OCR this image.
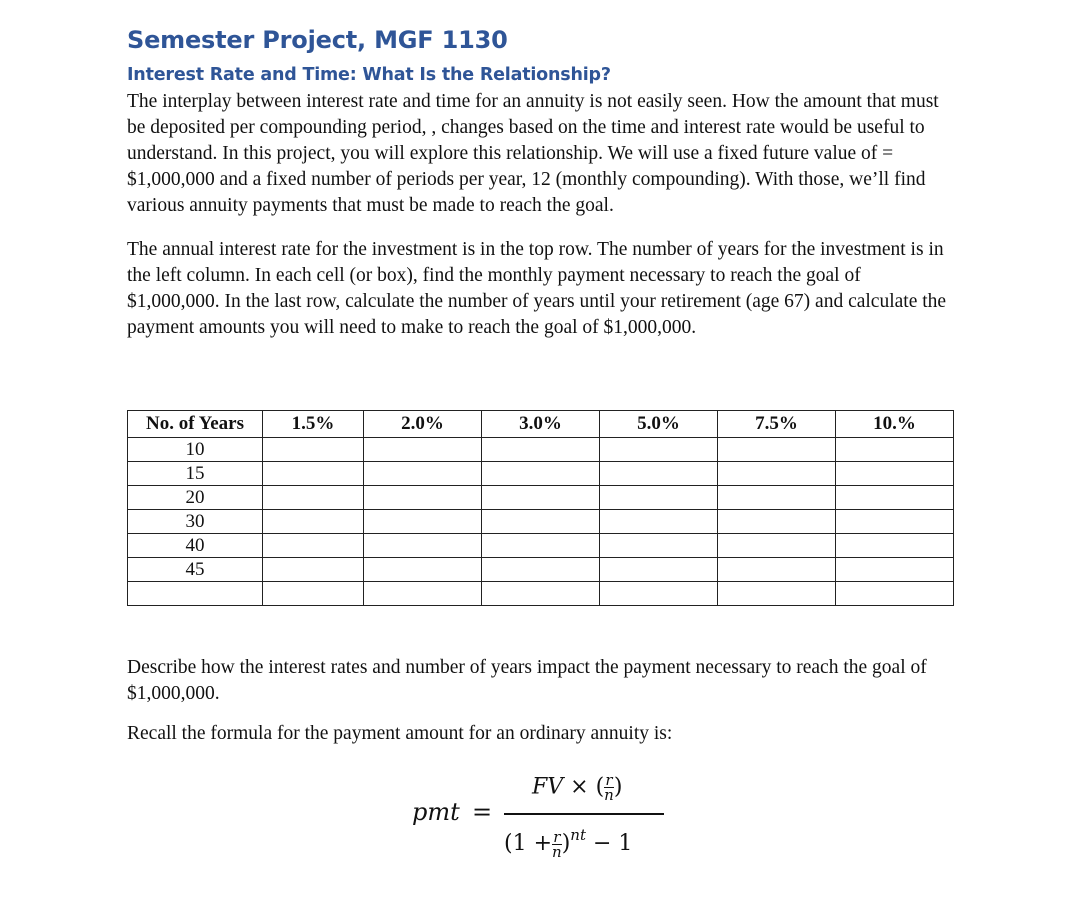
Semester Project, MGF 1130
Interest Rate and Time: What Is the Relationship?

The interplay between interest rate and time for an annuity is not easily seen. How the amount that must be deposited per compounding period, , changes based on the time and interest rate would be useful to understand. In this project, you will explore this relationship. We will use a fixed future value of = $1,000,000 and a fixed number of periods per year, 12 (monthly compounding). With those, we’ll find various annuity payments that must be made to reach the goal.

The annual interest rate for the investment is in the top row. The number of years for the investment is in the left column. In each cell (or box), find the monthly payment necessary to reach the goal of $1,000,000. In the last row, calculate the number of years until your retirement (age 67) and calculate the payment amounts you will need to make to reach the goal of $1,000,000.

No. of Years	1.5%	2.0%	3.0%	5.0%	7.5%	10.%
10						
15						
20						
30						
40						
45						

Describe how the interest rates and number of years impact the payment necessary to reach the goal of $1,000,000.

Recall the formula for the payment amount for an ordinary annuity is:

pmt =
FV × ($\frac{r}{n}$ )
$(1 +\frac{r}{n} )^{nt} - 1$
